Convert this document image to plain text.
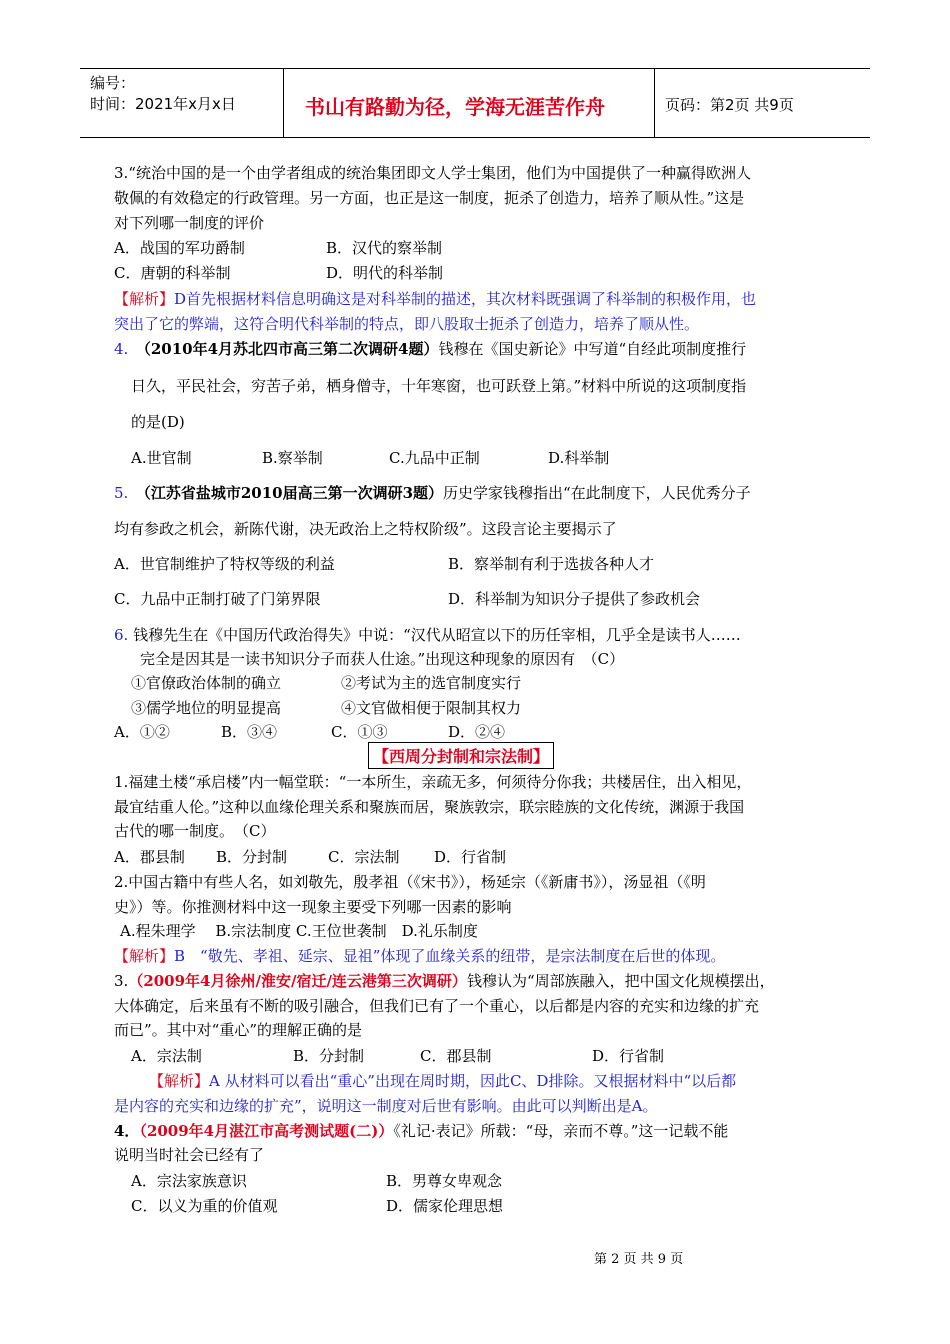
编号：
时间：2021年x月x日	书山有路勤为径，学海无涯苦作舟	页码：第2页 共9页
3.“统治中国的是一个由学者组成的统治集团即文人学士集团，他们为中国提供了一种赢得欧洲人
敬佩的有效稳定的行政管理。另一方面，也正是这一制度，扼杀了创造力，培养了顺从性。”这是
对下列哪一制度的评价
A．战国的军功爵制	B．汉代的察举制
C．唐朝的科举制	D．明代的科举制
【解析】D首先根据材料信息明确这是对科举制的描述，其次材料既强调了科举制的积极作用，也
突出了它的弊端，这符合明代科举制的特点，即八股取士扼杀了创造力，培养了顺从性。
4.　 （2010年4月苏北四市高三第二次调研4题）钱穆在《国史新论》中写道“自经此项制度推行
日久，平民社会，穷苦子弟，栖身僧寺，十年寒窗，也可跃登上第。”材料中所说的这项制度指
的是(D)
A.世官制	B.察举制	C.九品中正制	D.科举制
5.　 （江苏省盐城市2010届高三第一次调研3题）历史学家钱穆指出“在此制度下，人民优秀分子
均有参政之机会，新陈代谢，决无政治上之特权阶级”。这段言论主要揭示了
A．世官制维护了特权等级的利益	B．察举制有利于选拔各种人才
C．九品中正制打破了门第界限	D．科举制为知识分子提供了参政机会
6. 钱穆先生在《中国历代政治得失》中说：“汉代从昭宣以下的历任宰相，几乎全是读书人……
完全是因其是一读书知识分子而获人仕途。”出现这种现象的原因有　（C）
①官僚政治体制的确立	②考试为主的选官制度实行
③儒学地位的明显提高	④文官做相便于限制其权力
A．①②	B．③④	C．①③	D．②④
【西周分封制和宗法制】
1.福建土楼“承启楼”内一幅堂联：“一本所生，亲疏无多，何须待分你我；共楼居住，出入相见，
最宜结重人伦。”这种以血缘伦理关系和聚族而居，聚族敦宗，联宗睦族的文化传统，渊源于我国
古代的哪一制度。　（C）
A．郡县制 B．分封制	C．宗法制 D．行省制
2.中国古籍中有些人名，如刘敬先，殷孝祖（《宋书》），杨延宗（《新庸书》），汤显祖（《明
史》）等。你推测材料中这一现象主要受下列哪一因素的影响
A.程朱理学　 B.宗法制度 C.王位世袭制　D.礼乐制度
【解析】B　“敬先、孝祖、延宗、显祖”体现了血缘关系的纽带，是宗法制度在后世的体现。
3.（2009年4月徐州/淮安/宿迁/连云港第三次调研）钱穆认为“周部族融入，把中国文化规模摆出，
大体确定，后来虽有不断的吸引融合，但我们已有了一个重心，以后都是内容的充实和边缘的扩充
而已”。其中对“重心”的理解正确的是
A．宗法制	B．分封制	C．郡县制	D．行省制
【解析】A 从材料可以看出“重心”出现在周时期，因此C、D排除。又根据材料中“以后都
是内容的充实和边缘的扩充”，说明这一制度对后世有影响。由此可以判断出是A。
4．（2009年4月湛江市高考测试题(二)）《礼记·表记》所载：“母，亲而不尊。”这一记载不能
说明当时社会已经有了
A．宗法家族意识	B．男尊女卑观念
C．以义为重的价值观	D．儒家伦理思想
第 2 页 共 9 页
